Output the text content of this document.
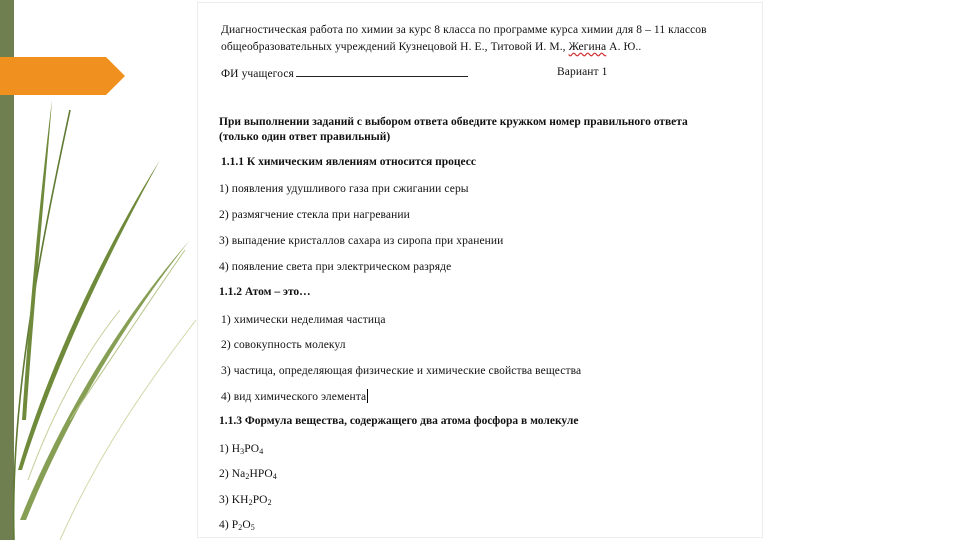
Диагностическая работа по химии за курс 8 класса по программе курса химии для 8 – 11 классов
общеобразовательных учреждений Кузнецовой Н. Е., Титовой И. М., Жегина А. Ю..
ФИ учащегося	Вариант 1
При выполнении заданий с выбором ответа обведите кружком номер правильного ответа
(только один ответ правильный)
1.1.1 К химическим явлениям относится процесс
1) появления удушливого газа при сжигании серы
2) размягчение стекла при нагревании
3) выпадение кристаллов сахара из сиропа при хранении
4) появление света при электрическом разряде
1.1.2 Атом – это…
1) химически неделимая частица
2) совокупность молекул
3) частица, определяющая физические и химические свойства вещества
4) вид химического элемента
1.1.3 Формула вещества, содержащего два атома фосфора в молекуле
1) $H_3PO_4$
2) $Na_2HPO_4$
3) $KH_2PO_2$
4) $P_2O_5$
